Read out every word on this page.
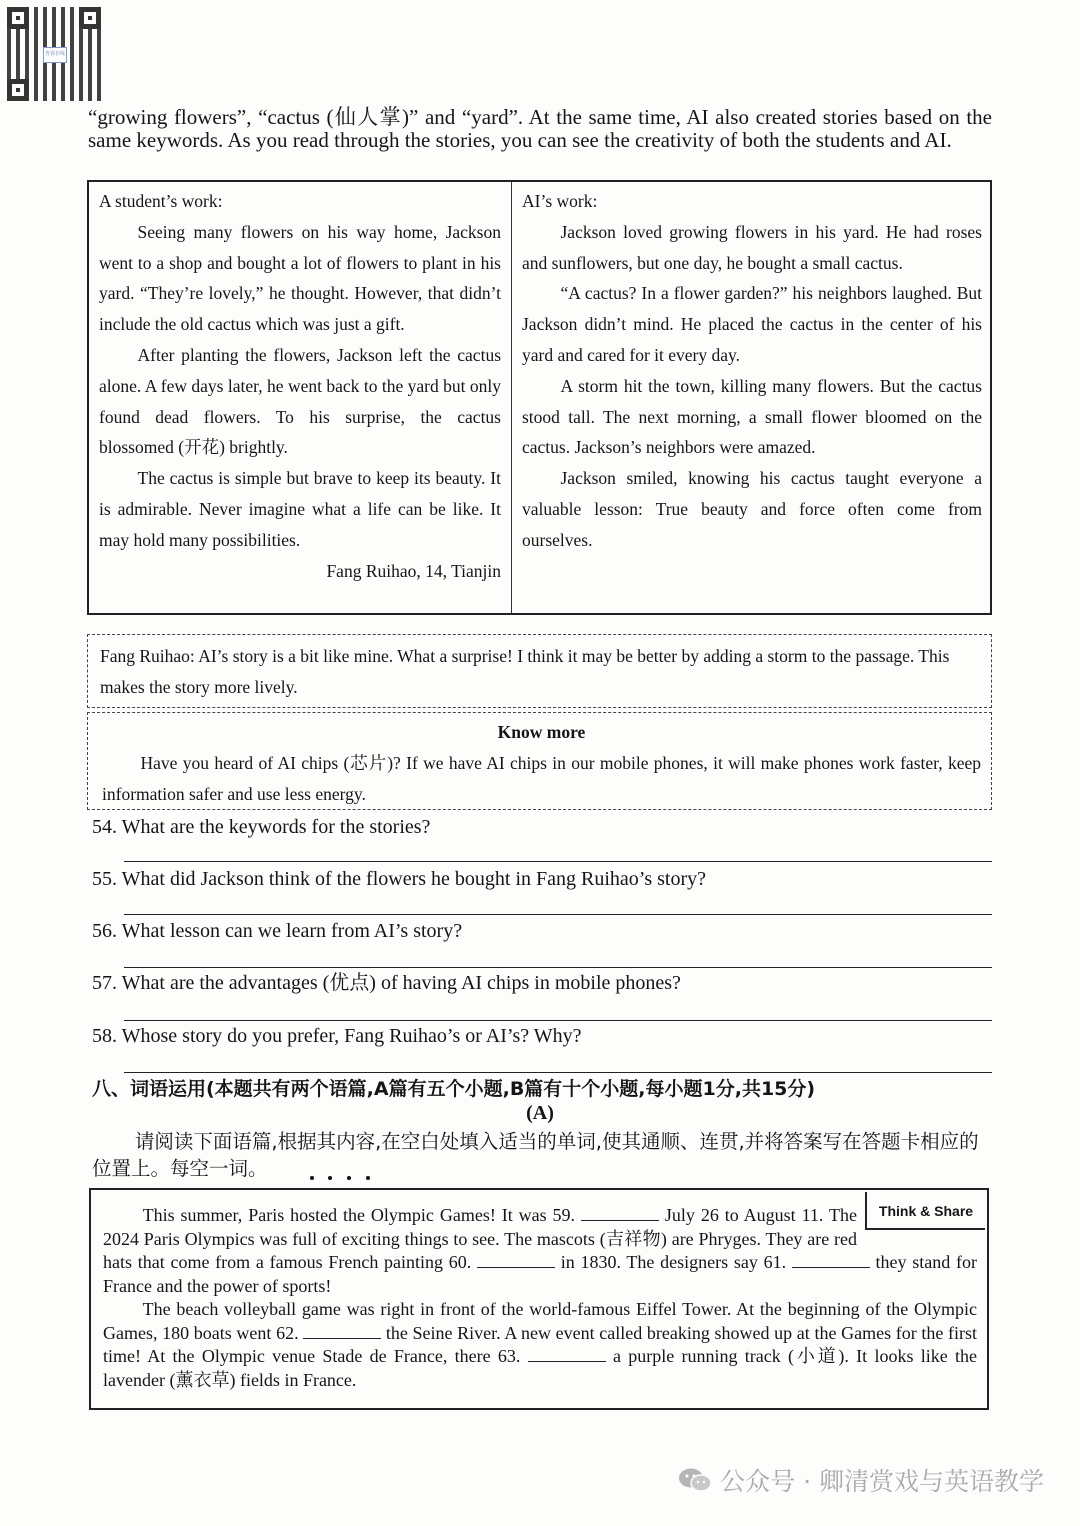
青春在线
“growing flowers”, “cactus (仙人掌)” and “yard”. At the same time, AI also created stories based on the same keywords. As you read through the stories, you can see the creativity of both the students and AI.

A student’s work:

Seeing many flowers on his way home, Jackson went to a shop and bought a lot of flowers to plant in his yard. “They’re lovely,” he thought. However, that didn’t include the old cactus which was just a gift.

After planting the flowers, Jackson left the cactus alone. A few days later, he went back to the yard but only found dead flowers. To his surprise, the cactus blossomed (开花) brightly.

The cactus is simple but brave to keep its beauty. It is admirable. Never imagine what a life can be like. It may hold many possibilities.

Fang Ruihao, 14, Tianjin

AI’s work:

Jackson loved growing flowers in his yard. He had roses and sunflowers, but one day, he bought a small cactus.

“A cactus? In a flower garden?” his neighbors laughed. But Jackson didn’t mind. He placed the cactus in the center of his yard and cared for it every day.

A storm hit the town, killing many flowers. But the cactus stood tall. The next morning, a small flower bloomed on the cactus. Jackson’s neighbors were amazed.

Jackson smiled, knowing his cactus taught everyone a valuable lesson: True beauty and force often come from ourselves.

Fang Ruihao: AI’s story is a bit like mine. What a surprise! I think it may be better by adding a storm to the passage. This makes the story more lively.

Know more

Have you heard of AI chips (芯片)? If we have AI chips in our mobile phones, it will make phones work faster, keep information safer and use less energy.

54. What are the keywords for the stories?
55. What did Jackson think of the flowers he bought in Fang Ruihao’s story?
56. What lesson can we learn from AI’s story?
57. What are the advantages (优点) of having AI chips in mobile phones?
58. Whose story do you prefer, Fang Ruihao’s or AI’s? Why?
八、词语运用(本题共有两个语篇,A篇有五个小题,B篇有十个小题,每小题1分,共15分)
(A)
请阅读下面语篇,根据其内容,在空白处填入适当的单词,使其通顺、连贯,并将答案写在答题卡相应的位置上。每空一词。
Think & Share

This summer, Paris hosted the Olympic Games! It was 59.	July 26 to August 11. The 2024 Paris Olympics was full of exciting things to see. The mascots (吉祥物) are Phryges. They are red hats that come from a famous French painting 60.	in 1830. The designers say 61.	they stand for France and the power of sports!

The beach volleyball game was right in front of the world-famous Eiffel Tower. At the beginning of the Olympic Games, 180 boats went 62.	the Seine River. A new event called breaking showed up at the Games for the first time! At the Olympic venue Stade de France, there 63.	a purple running track (小道). It looks like the lavender (薰衣草) fields in France.

公众号 · 卿清赏戏与英语教学
